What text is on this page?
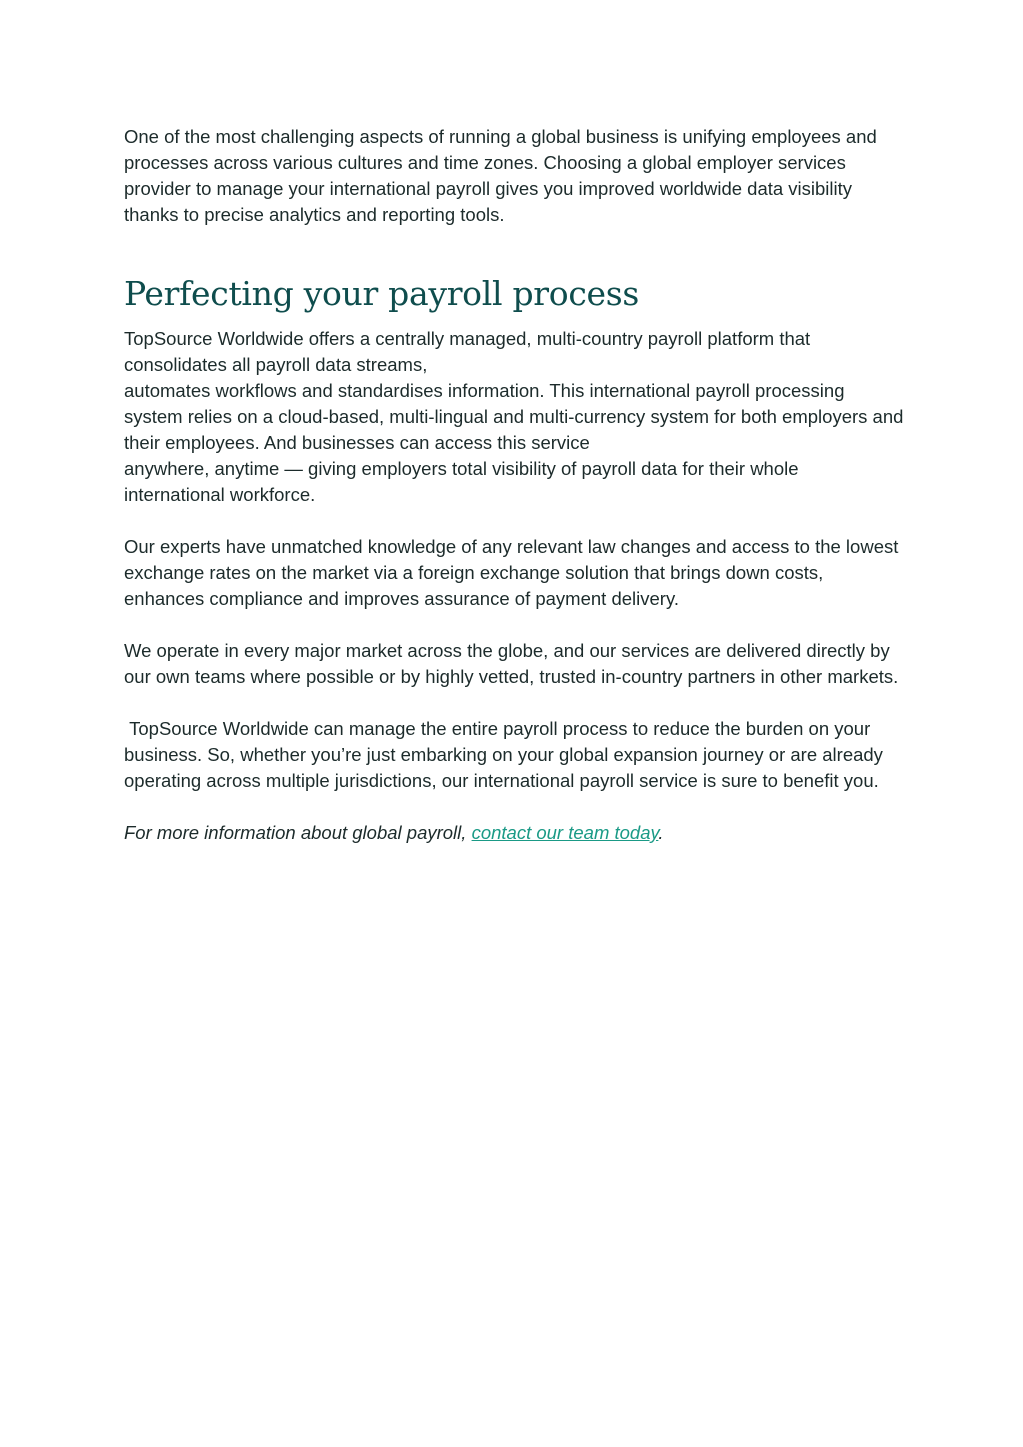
One of the most challenging aspects of running a global business is unifying employees and processes across various cultures and time zones. Choosing a global employer services provider to manage your international payroll gives you improved worldwide data visibility thanks to precise analytics and reporting tools.

Perfecting your payroll process

TopSource Worldwide offers a centrally managed, multi-country payroll platform that consolidates all payroll data streams,
automates workflows and standardises information. This international payroll processing system relies on a cloud-based, multi-lingual and multi-currency system for both employers and their employees. And businesses can access this service
anywhere, anytime — giving employers total visibility of payroll data for their whole international workforce.

Our experts have unmatched knowledge of any relevant law changes and access to the lowest exchange rates on the market via a foreign exchange solution that brings down costs, enhances compliance and improves assurance of payment delivery.

We operate in every major market across the globe, and our services are delivered directly by our own teams where possible or by highly vetted, trusted in-country partners in other markets.

TopSource Worldwide can manage the entire payroll process to reduce the burden on your business. So, whether you’re just embarking on your global expansion journey or are already operating across multiple jurisdictions, our international payroll service is sure to benefit you.

For more information about global payroll, contact our team today.
